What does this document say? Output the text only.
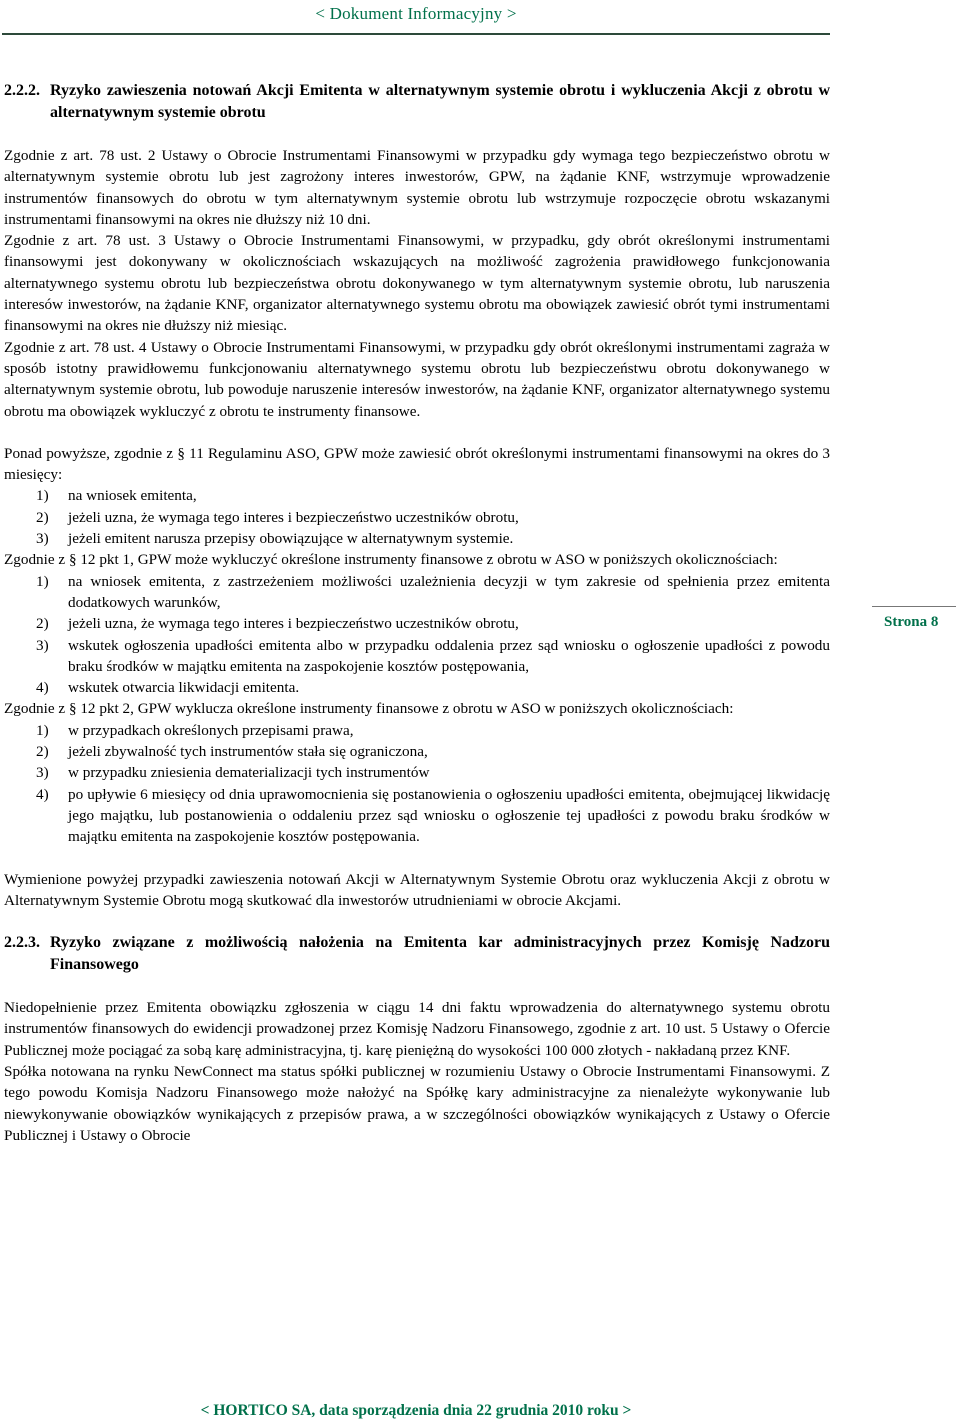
< Dokument Informacyjny >
Strona 8
2.2.2. Ryzyko zawieszenia notowań Akcji Emitenta w alternatywnym systemie obrotu i wykluczenia Akcji z obrotu w alternatywnym systemie obrotu

Zgodnie z art. 78 ust. 2 Ustawy o Obrocie Instrumentami Finansowymi w przypadku gdy wymaga tego bezpieczeństwo obrotu w alternatywnym systemie obrotu lub jest zagrożony interes inwestorów, GPW, na żądanie KNF, wstrzymuje wprowadzenie instrumentów finansowych do obrotu w tym alternatywnym systemie obrotu lub wstrzymuje rozpoczęcie obrotu wskazanymi instrumentami finansowymi na okres nie dłuższy niż 10 dni.

Zgodnie z art. 78 ust. 3 Ustawy o Obrocie Instrumentami Finansowymi, w przypadku, gdy obrót określonymi instrumentami finansowymi jest dokonywany w okolicznościach wskazujących na możliwość zagrożenia prawidłowego funkcjonowania alternatywnego systemu obrotu lub bezpieczeństwa obrotu dokonywanego w tym alternatywnym systemie obrotu, lub naruszenia interesów inwestorów, na żądanie KNF, organizator alternatywnego systemu obrotu ma obowiązek zawiesić obrót tymi instrumentami finansowymi na okres nie dłuższy niż miesiąc.

Zgodnie z art. 78 ust. 4 Ustawy o Obrocie Instrumentami Finansowymi, w przypadku gdy obrót określonymi instrumentami zagraża w sposób istotny prawidłowemu funkcjonowaniu alternatywnego systemu obrotu lub bezpieczeństwu obrotu dokonywanego w alternatywnym systemie obrotu, lub powoduje naruszenie interesów inwestorów, na żądanie KNF, organizator alternatywnego systemu obrotu ma obowiązek wykluczyć z obrotu te instrumenty finansowe.

Ponad powyższe, zgodnie z § 11 Regulaminu ASO, GPW może zawiesić obrót określonymi instrumentami finansowymi na okres do 3 miesięcy:

1)	na wniosek emitenta,
2)	jeżeli uzna, że wymaga tego interes i bezpieczeństwo uczestników obrotu,
3)	jeżeli emitent narusza przepisy obowiązujące w alternatywnym systemie.

Zgodnie z § 12 pkt 1, GPW może wykluczyć określone instrumenty finansowe z obrotu w ASO w poniższych okolicznościach:

1)	na wniosek emitenta, z zastrzeżeniem możliwości uzależnienia decyzji w tym zakresie od spełnienia przez emitenta dodatkowych warunków,
2)	jeżeli uzna, że wymaga tego interes i bezpieczeństwo uczestników obrotu,
3)	wskutek ogłoszenia upadłości emitenta albo w przypadku oddalenia przez sąd wniosku o ogłoszenie upadłości z powodu braku środków w majątku emitenta na zaspokojenie kosztów postępowania,
4)	wskutek otwarcia likwidacji emitenta.

Zgodnie z § 12 pkt 2, GPW wyklucza określone instrumenty finansowe z obrotu w ASO w poniższych okolicznościach:

1)	w przypadkach określonych przepisami prawa,
2)	jeżeli zbywalność tych instrumentów stała się ograniczona,
3)	w przypadku zniesienia dematerializacji tych instrumentów
4)	po upływie 6 miesięcy od dnia uprawomocnienia się postanowienia o ogłoszeniu upadłości emitenta, obejmującej likwidację jego majątku, lub postanowienia o oddaleniu przez sąd wniosku o ogłoszenie tej upadłości z powodu braku środków w majątku emitenta na zaspokojenie kosztów postępowania.

Wymienione powyżej przypadki zawieszenia notowań Akcji w Alternatywnym Systemie Obrotu oraz wykluczenia Akcji z obrotu w Alternatywnym Systemie Obrotu mogą skutkować dla inwestorów utrudnieniami w obrocie Akcjami.

2.2.3. Ryzyko związane z możliwością nałożenia na Emitenta kar administracyjnych przez Komisję Nadzoru Finansowego

Niedopełnienie przez Emitenta obowiązku zgłoszenia w ciągu 14 dni faktu wprowadzenia do alternatywnego systemu obrotu instrumentów finansowych do ewidencji prowadzonej przez Komisję Nadzoru Finansowego, zgodnie z art. 10 ust. 5 Ustawy o Ofercie Publicznej może pociągać za sobą karę administracyjna, tj. karę pieniężną do wysokości 100 000 złotych - nakładaną przez KNF.

Spółka notowana na rynku NewConnect ma status spółki publicznej w rozumieniu Ustawy o Obrocie Instrumentami Finansowymi. Z tego powodu Komisja Nadzoru Finansowego może nałożyć na Spółkę kary administracyjne za nienależyte wykonywanie lub niewykonywanie obowiązków wynikających z przepisów prawa, a w szczególności obowiązków wynikających z Ustawy o Ofercie Publicznej i Ustawy o Obrocie

< HORTICO SA, data sporządzenia dnia 22 grudnia 2010 roku >
